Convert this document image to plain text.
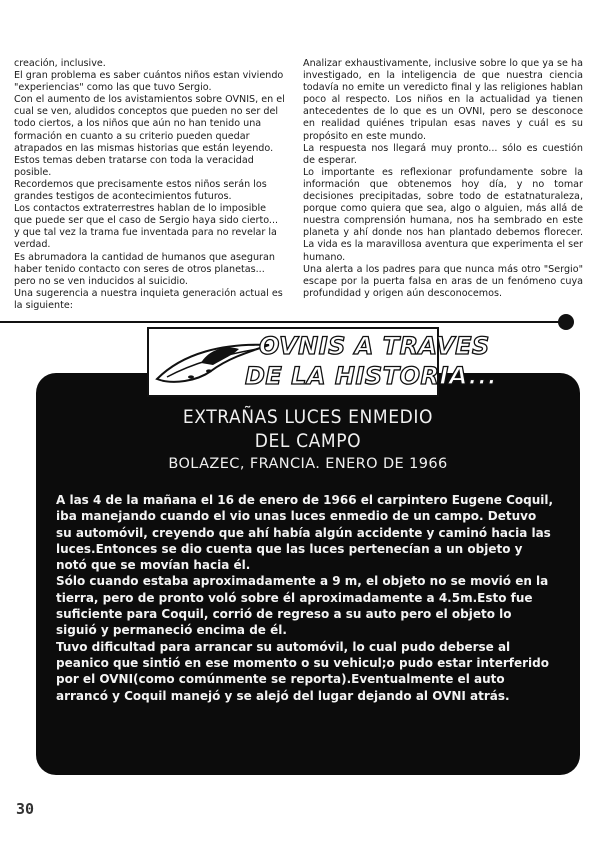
creación, inclusive.

El gran problema es saber cuántos niños estan viviendo "experiencias" como las que tuvo Sergio.

Con el aumento de los avistamientos sobre OVNIS, en el cual se ven, aludidos conceptos que pueden no ser del todo ciertos, a los niños que aún no han tenido una formación en cuanto a su criterio pueden quedar atrapados en las mismas historias que están leyendo.

Estos temas deben tratarse con toda la veracidad posible.

Recordemos que precisamente estos niños serán los grandes testigos de acontecimientos futuros.

Los contactos extraterrestres hablan de lo imposible que puede ser que el caso de Sergio haya sido cierto... y que tal vez la trama fue inventada para no revelar la verdad.

Es abrumadora la cantidad de humanos que aseguran haber tenido contacto con seres de otros planetas... pero no se ven inducidos al suicidio.

Una sugerencia a nuestra inquieta generación actual es la siguiente:

Analizar exhaustivamente, inclusive sobre lo que ya se ha investigado, en la inteligencia de que nuestra ciencia todavía no emite un veredicto final y las religiones hablan poco al respecto. Los niños en la actualidad ya tienen antecedentes de lo que es un OVNI, pero se desconoce en realidad quiénes tripulan esas naves y cuál es su propósito en este mundo.

La respuesta nos llegará muy pronto... sólo es cuestión de esperar.

Lo importante es reflexionar profundamente sobre la información que obtenemos hoy día, y no tomar decisiones precipitadas, sobre todo de estatnaturaleza, porque como quiera que sea, algo o alguien, más allá de nuestra comprensión humana, nos ha sembrado en este planeta y ahí donde nos han plantado debemos florecer. La vida es la maravillosa aventura que experimenta el ser humano.

Una alerta a los padres para que nunca más otro "Sergio" escape por la puerta falsa en aras de un fenómeno cuya profundidad y origen aún desconocemos.

EXTRAÑAS LUCES ENMEDIO
DEL CAMPO
BOLAZEC, FRANCIA. ENERO DE 1966

A las 4 de la mañana el 16 de enero de 1966 el carpintero Eugene Coquil, iba manejando cuando el vio unas luces enmedio de un campo. Detuvo su automóvil, creyendo que ahí había algún accidente y caminó hacia las luces.Entonces se dio cuenta que las luces pertenecían a un objeto y notó que se movían hacia él.

Sólo cuando estaba aproximadamente a 9 m, el objeto no se movió en la tierra, pero de pronto voló sobre él aproximadamente a 4.5m.Esto fue suficiente para Coquil, corrió de regreso a su auto pero el objeto lo siguió y permaneció encima de él.

Tuvo dificultad para arrancar su automóvil, lo cual pudo deberse al peanico que sintió en ese momento o su vehicul;o pudo estar interferido por el OVNI(como comúnmente se reporta).Eventualmente el auto arrancó y Coquil manejó y se alejó del lugar dejando al OVNI atrás.

OVNIS A TRAVES
DE LA HISTORIA...
30
